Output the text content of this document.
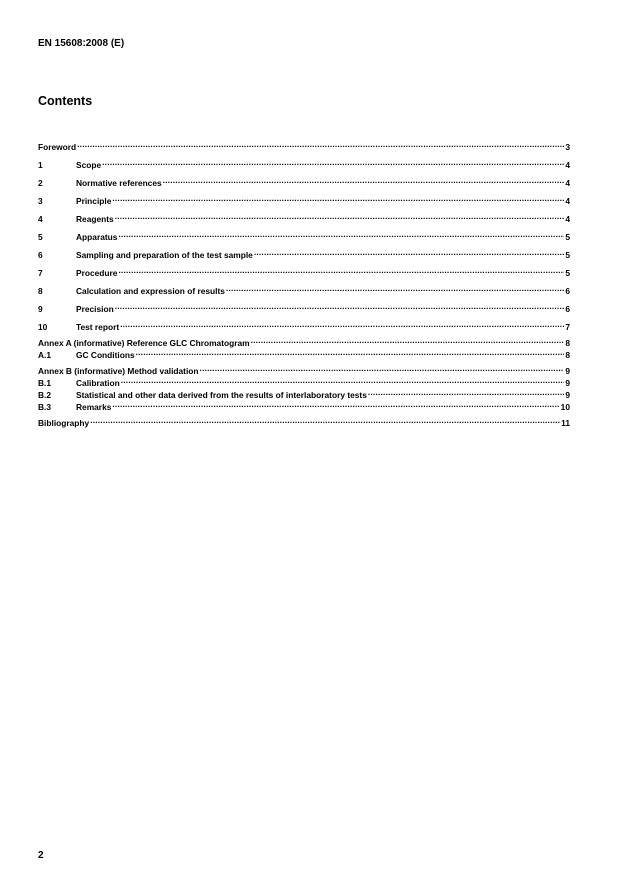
EN 15608:2008 (E)
Contents
Foreword .....	3
1	Scope .....	4
2	Normative references .....	4
3	Principle .....	4
4	Reagents .....	4
5	Apparatus .....	5
6	Sampling and preparation of the test sample .....	5
7	Procedure .....	5
8	Calculation and expression of results .....	6
9	Precision .....	6
10	Test report .....	7
Annex A (informative) Reference GLC Chromatogram .....	8
A.1	GC Conditions .....	8
Annex B (informative) Method validation .....	9
B.1	Calibration .....	9
B.2	Statistical and other data derived from the results of interlaboratory tests .....	9
B.3	Remarks .....	10
Bibliography .....	11
2
